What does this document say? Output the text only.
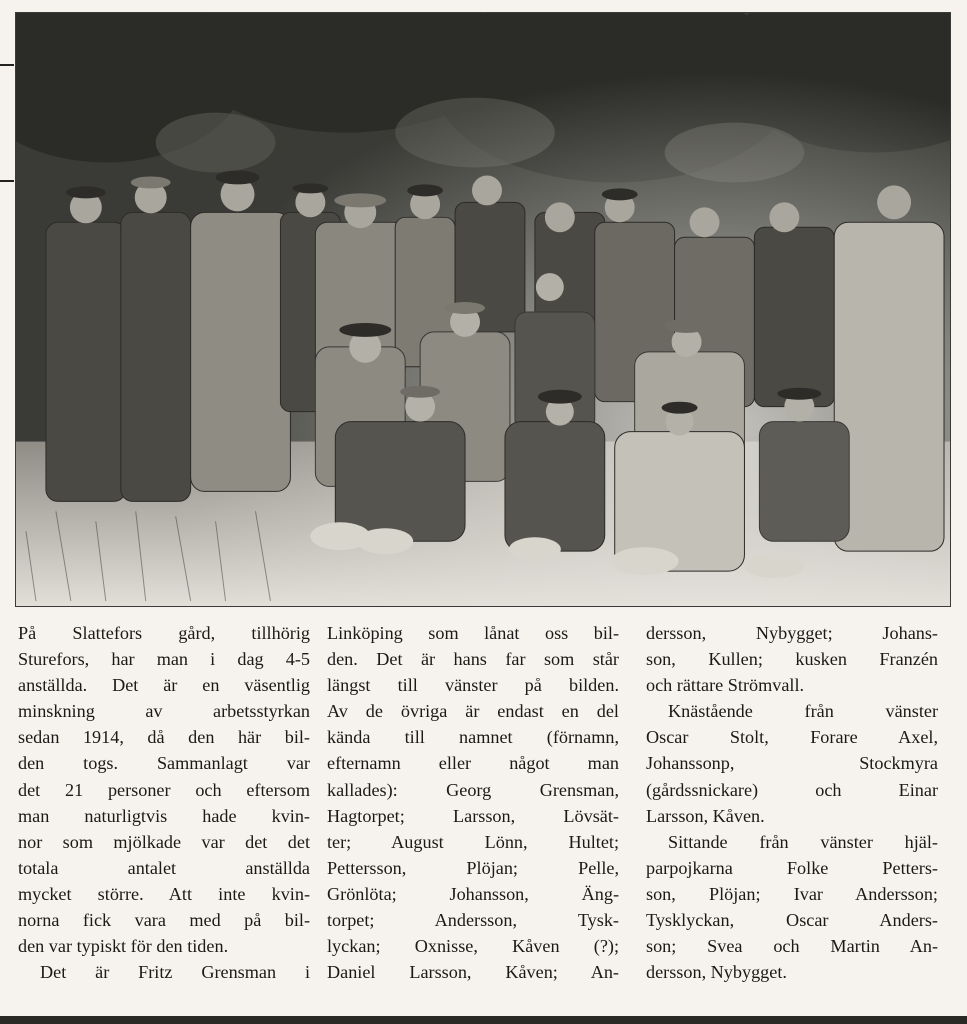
På Slattefors gård, tillhörig
Sturefors, har man i dag 4-5
anställda. Det är en väsentlig
minskning av arbetsstyrkan
sedan 1914, då den här bil-
den togs. Sammanlagt var
det 21 personer och eftersom
man naturligtvis hade kvin-
nor som mjölkade var det det
totala antalet anställda
mycket större. Att inte kvin-
norna fick vara med på bil-
den var typiskt för den tiden.

Det är Fritz Grensman i

Linköping som lånat oss bil-
den. Det är hans far som står
längst till vänster på bilden.
Av de övriga är endast en del
kända till namnet (förnamn,
efternamn eller något man
kallades): Georg Grensman,
Hagtorpet; Larsson, Lövsät-
ter; August Lönn, Hultet;
Pettersson, Plöjan; Pelle,
Grönlöta; Johansson, Äng-
torpet; Andersson, Tysk-
lyckan; Oxnisse, Kåven (?);
Daniel Larsson, Kåven; An-

dersson, Nybygget; Johans-
son, Kullen; kusken Franzén
och rättare Strömvall.

Knästående från vänster
Oscar Stolt, Forare Axel,
Johanssonp, Stockmyra
(gårdssnickare) och Einar
Larsson, Kåven.

Sittande från vänster hjäl-
parpojkarna Folke Petters-
son, Plöjan; Ivar Andersson;
Tysklyckan, Oscar Anders-
son; Svea och Martin An-
dersson, Nybygget.
